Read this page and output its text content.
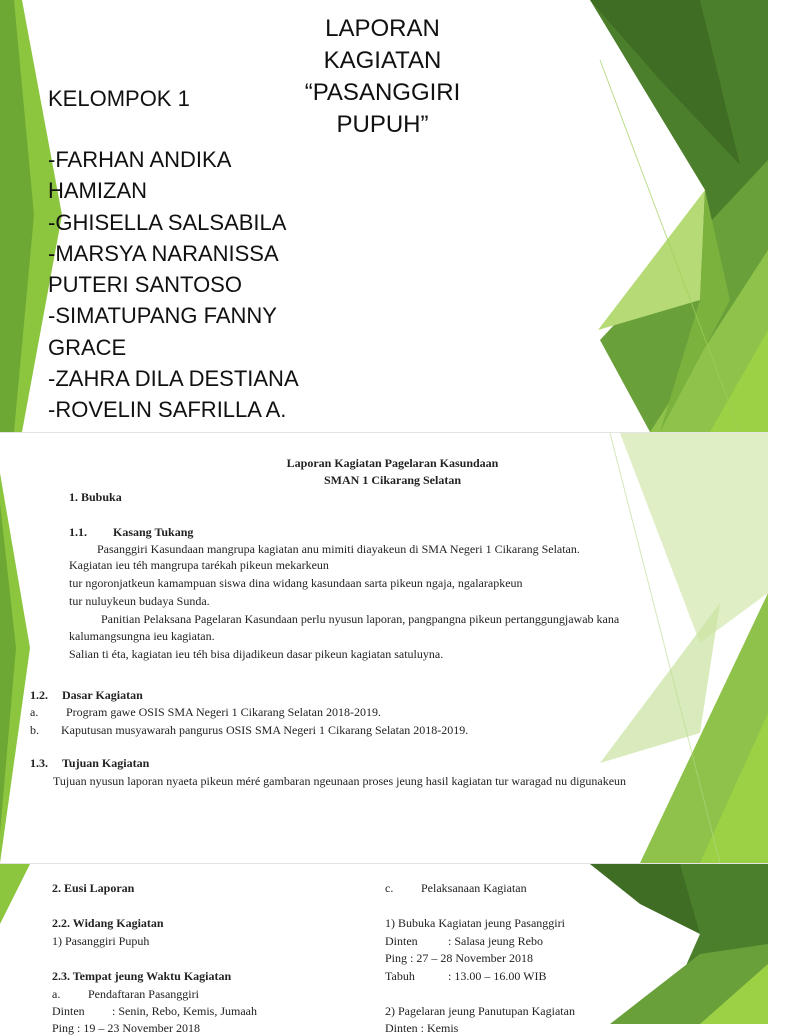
LAPORAN
KAGIATAN
“PASANGGIRI
PUPUH”
KELOMPOK 1
-FARHAN ANDIKA
HAMIZAN
-GHISELLA SALSABILA
-MARSYA NARANISSA
PUTERI SANTOSO
-SIMATUPANG FANNY
GRACE
-ZAHRA DILA DESTIANA
-ROVELIN SAFRILLA A.
Laporan Kagiatan Pagelaran Kasundaan
SMAN 1 Cikarang Selatan
1. Bubuka
1.1. Kasang Tukang
Pasanggiri Kasundaan mangrupa kagiatan anu mimiti diayakeun di SMA Negeri 1 Cikarang Selatan.
Kagiatan ieu téh mangrupa tarékah pikeun mekarkeun
tur ngoronjatkeun kamampuan siswa dina widang kasundaan sarta pikeun ngaja, ngalarapkeun
tur nuluykeun budaya Sunda.
Panitian Pelaksana Pagelaran Kasundaan perlu nyusun laporan, pangpangna pikeun pertanggungjawab kana
kalumangsungna ieu kagiatan.
Salian ti éta, kagiatan ieu téh bisa dijadikeun dasar pikeun kagiatan satuluyna.
1.2. Dasar Kagiatan
a. Program gawe OSIS SMA Negeri 1 Cikarang Selatan 2018-2019.
b. Kaputusan musyawarah pangurus OSIS SMA Negeri 1 Cikarang Selatan 2018-2019.
1.3. Tujuan Kagiatan
Tujuan nyusun laporan nyaeta pikeun méré gambaran ngeunaan proses jeung hasil kagiatan tur waragad nu digunakeun
2. Eusi Laporan
2.2. Widang Kagiatan
1) Pasanggiri Pupuh
2.3. Tempat jeung Waktu Kagiatan
a. Pendaftaran Pasanggiri
Dinten : Senin, Rebo, Kemis, Jumaah
Ping : 19 – 23 November 2018
c. Pelaksanaan Kagiatan
1) Bubuka Kagiatan jeung Pasanggiri
Dinten	: Salasa jeung Rebo
Ping : 27 – 28 November 2018
Tabuh	: 13.00 – 16.00 WIB
2) Pagelaran jeung Panutupan Kagiatan
Dinten : Kemis
